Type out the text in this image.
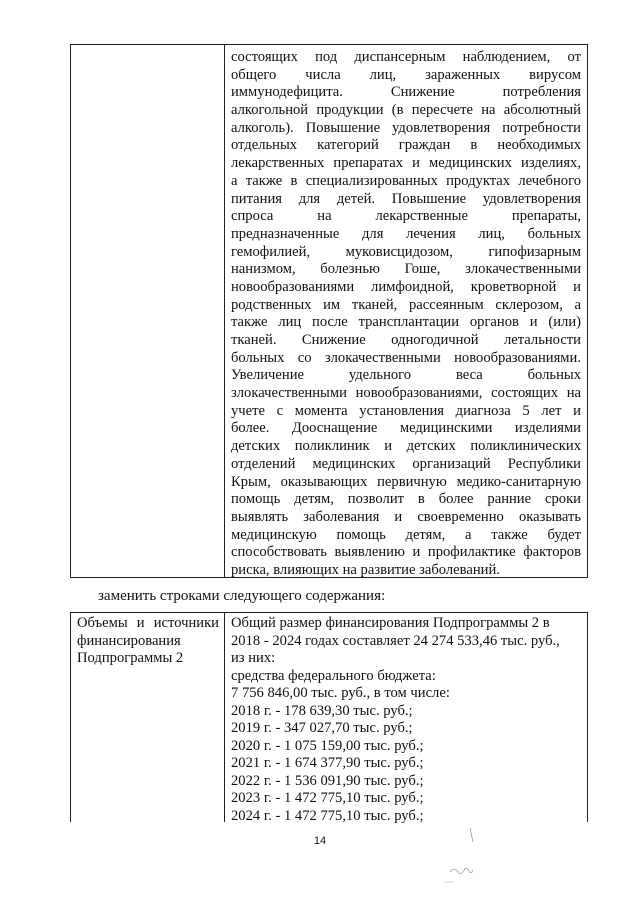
состоящих под диспансерным наблюдением, от
общего числа лиц, зараженных вирусом
иммунодефицита. Снижение потребления
алкогольной продукции (в пересчете на абсолютный
алкоголь). Повышение удовлетворения потребности
отдельных категорий граждан в необходимых
лекарственных препаратах и медицинских изделиях,
а также в специализированных продуктах лечебного
питания для детей. Повышение удовлетворения
спроса на лекарственные препараты,
предназначенные для лечения лиц, больных
гемофилией, муковисцидозом, гипофизарным
нанизмом, болезнью Гоше, злокачественными
новообразованиями лимфоидной, кроветворной и
родственных им тканей, рассеянным склерозом, а
также лиц после трансплантации органов и (или)
тканей. Снижение одногодичной летальности
больных со злокачественными новообразованиями.
Увеличение удельного веса больных
злокачественными новообразованиями, состоящих на
учете с момента установления диагноза 5 лет и
более. Дооснащение медицинскими изделиями
детских поликлиник и детских поликлинических
отделений медицинских организаций Республики
Крым, оказывающих первичную медико-санитарную
помощь детям, позволит в более ранние сроки
выявлять заболевания и своевременно оказывать
медицинскую помощь детям, а также будет
способствовать выявлению и профилактике факторов
риска, влияющих на развитие заболеваний.
заменить строками следующего содержания:
Объемы и источники
финансирования
Подпрограммы 2
Общий размер финансирования Подпрограммы 2 в
2018 - 2024 годах составляет 24 274 533,46 тыс. руб.,
из них:
средства федерального бюджета:
7 756 846,00 тыс. руб., в том числе:
2018 г. - 178 639,30 тыс. руб.;
2019 г. - 347 027,70 тыс. руб.;
2020 г. - 1 075 159,00 тыс. руб.;
2021 г. - 1 674 377,90 тыс. руб.;
2022 г. - 1 536 091,90 тыс. руб.;
2023 г. - 1 472 775,10 тыс. руб.;
2024 г. - 1 472 775,10 тыс. руб.;
14
